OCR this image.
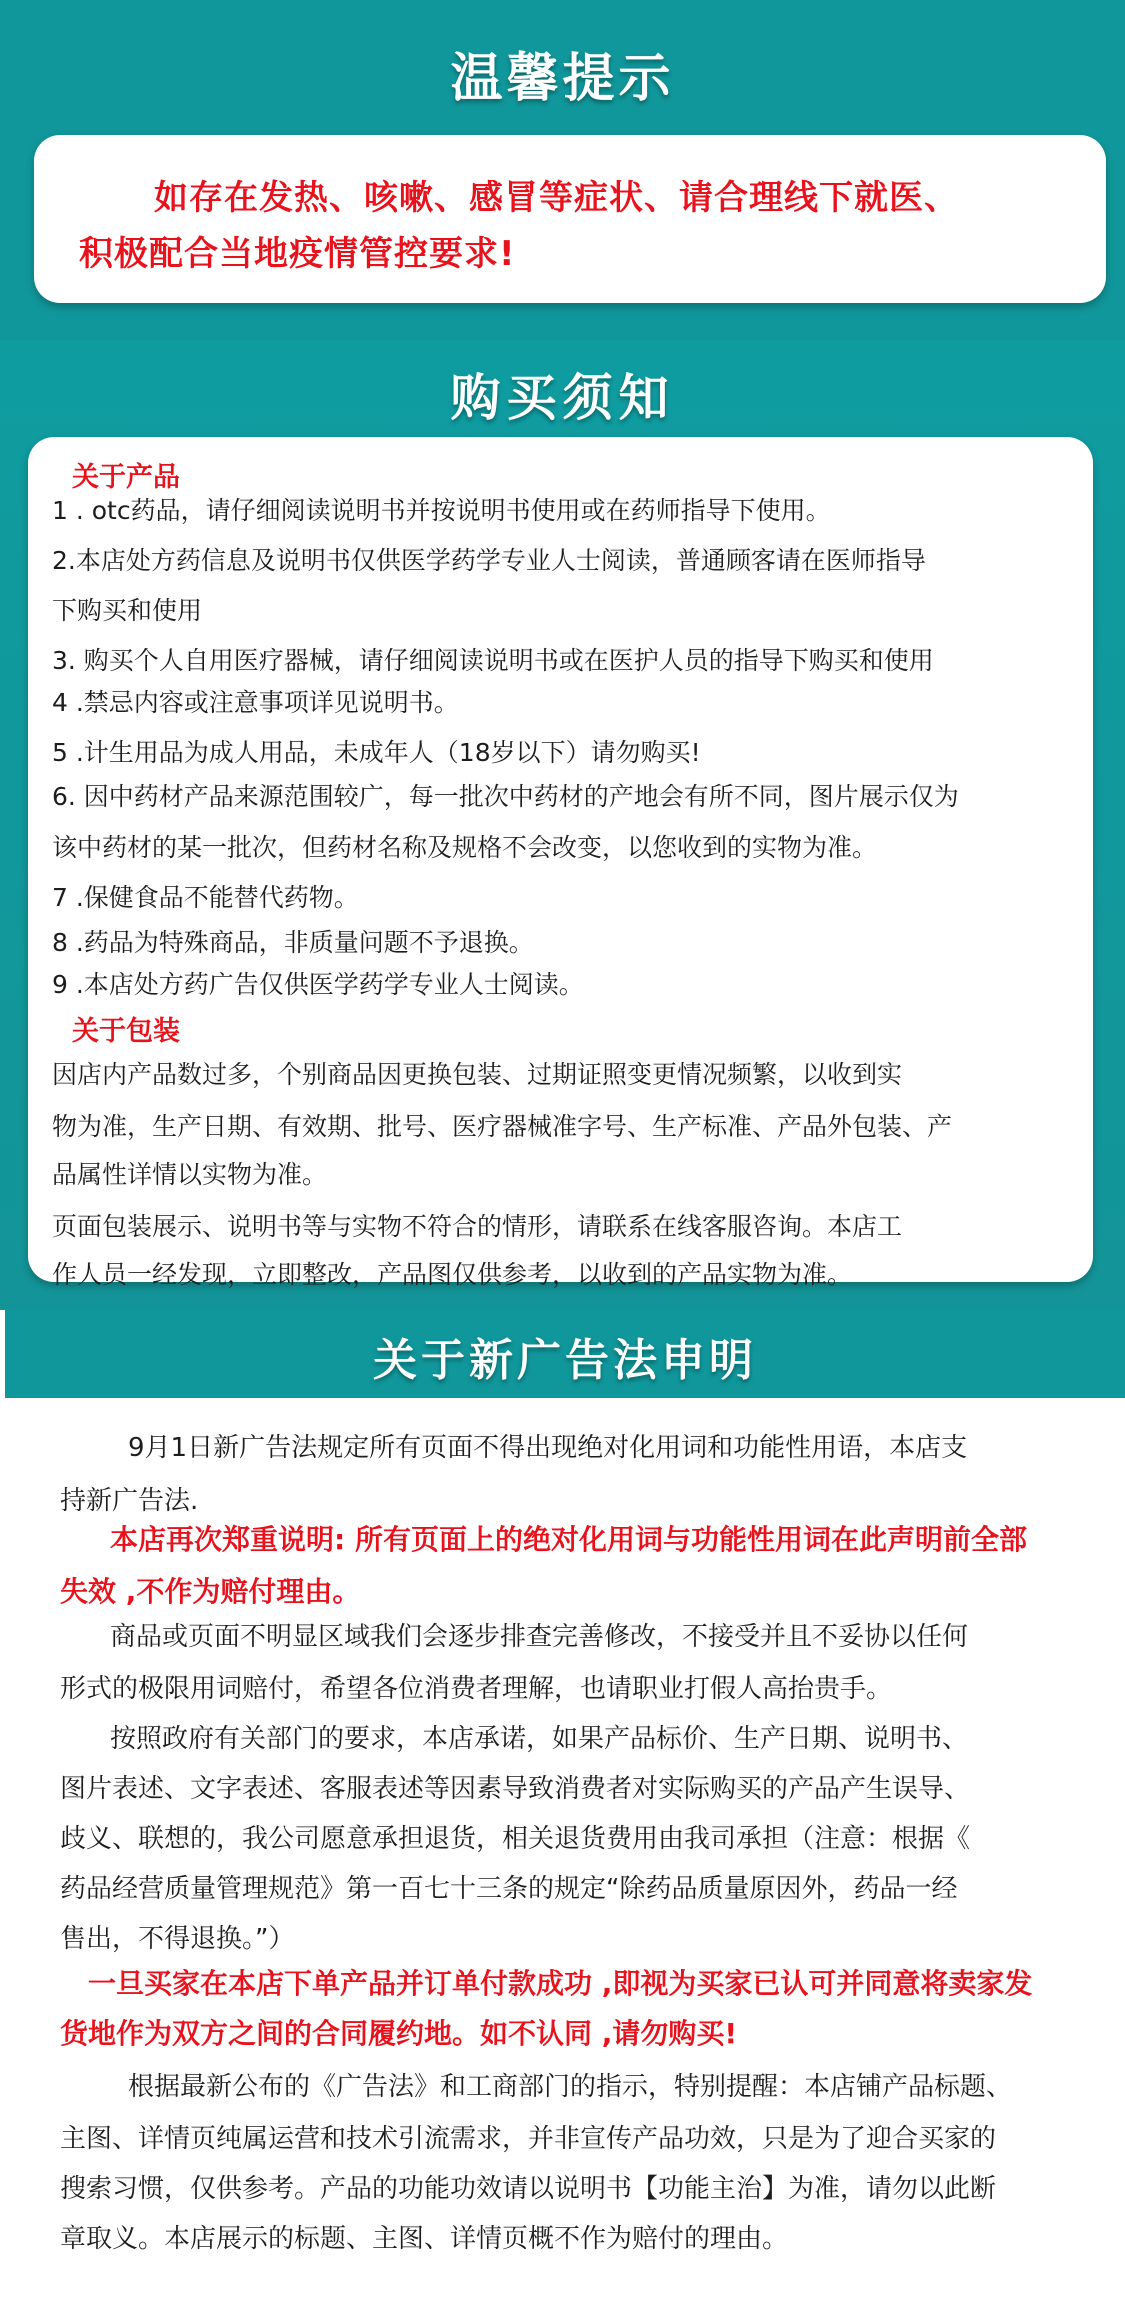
温馨提示

如存在发热、咳嗽、感冒等症状、请合理线下就医、

积极配合当地疫情管控要求!

购买须知
关于产品
1 . otc药品，请仔细阅读说明书并按说明书使用或在药师指导下使用。
2.本店处方药信息及说明书仅供医学药学专业人士阅读，普通顾客请在医师指导
下购买和使用
3. 购买个人自用医疗器械，请仔细阅读说明书或在医护人员的指导下购买和使用
4 .禁忌内容或注意事项详见说明书。
5 .计生用品为成人用品，未成年人（18岁以下）请勿购买!
6. 因中药材产品来源范围较广，每一批次中药材的产地会有所不同，图片展示仅为
该中药材的某一批次，但药材名称及规格不会改变，以您收到的实物为准。
7 .保健食品不能替代药物。
8 .药品为特殊商品，非质量问题不予退换。
9 .本店处方药广告仅供医学药学专业人士阅读。
关于包装
因店内产品数过多，个别商品因更换包装、过期证照变更情况频繁，以收到实
物为准，生产日期、有效期、批号、医疗器械准字号、生产标准、产品外包装、产
品属性详情以实物为准。
页面包装展示、说明书等与实物不符合的情形，请联系在线客服咨询。本店工
作人员一经发现，立即整改，产品图仅供参考，以收到的产品实物为准。
关于新广告法申明
9月1日新广告法规定所有页面不得出现绝对化用词和功能性用语，本店支
持新广告法.
本店再次郑重说明: 所有页面上的绝对化用词与功能性用词在此声明前全部
失效 ,不作为赔付理由。
商品或页面不明显区域我们会逐步排查完善修改，不接受并且不妥协以任何
形式的极限用词赔付，希望各位消费者理解，也请职业打假人高抬贵手。
按照政府有关部门的要求，本店承诺，如果产品标价、生产日期、说明书、
图片表述、文字表述、客服表述等因素导致消费者对实际购买的产品产生误导、
歧义、联想的，我公司愿意承担退货，相关退货费用由我司承担（注意：根据《
药品经营质量管理规范》第一百七十三条的规定“除药品质量原因外，药品一经
售出，不得退换。”）
一旦买家在本店下单产品并订单付款成功 ,即视为买家已认可并同意将卖家发
货地作为双方之间的合同履约地。如不认同 ,请勿购买!
根据最新公布的《广告法》和工商部门的指示，特别提醒：本店铺产品标题、
主图、详情页纯属运营和技术引流需求，并非宣传产品功效，只是为了迎合买家的
搜索习惯，仅供参考。产品的功能功效请以说明书【功能主治】为准，请勿以此断
章取义。本店展示的标题、主图、详情页概不作为赔付的理由。
